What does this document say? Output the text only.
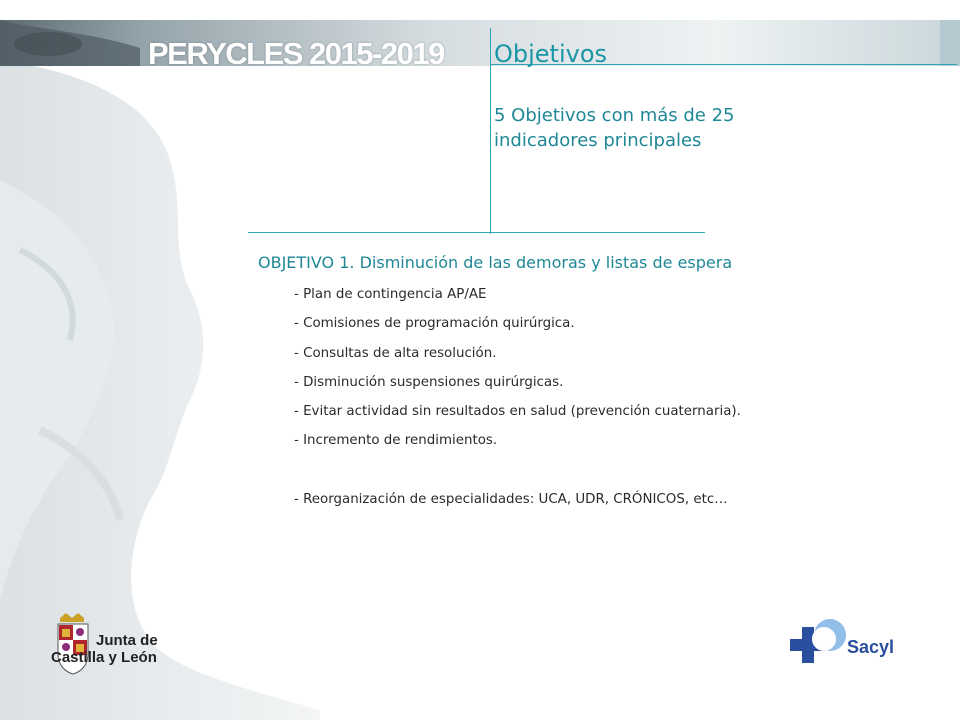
PERYCLES 2015-2019 Objetivos
5 Objetivos con más de 25 indicadores principales
OBJETIVO 1. Disminución de las demoras y listas de espera
- Plan de contingencia AP/AE
- Comisiones de programación quirúrgica.
- Consultas de alta resolución.
- Disminución suspensiones quirúrgicas.
- Evitar actividad sin resultados en salud (prevención cuaternaria).
- Incremento de rendimientos.
- Reorganización de especialidades: UCA, UDR, CRÓNICOS, etc…
Junta de
Castilla y León
Sacyl
